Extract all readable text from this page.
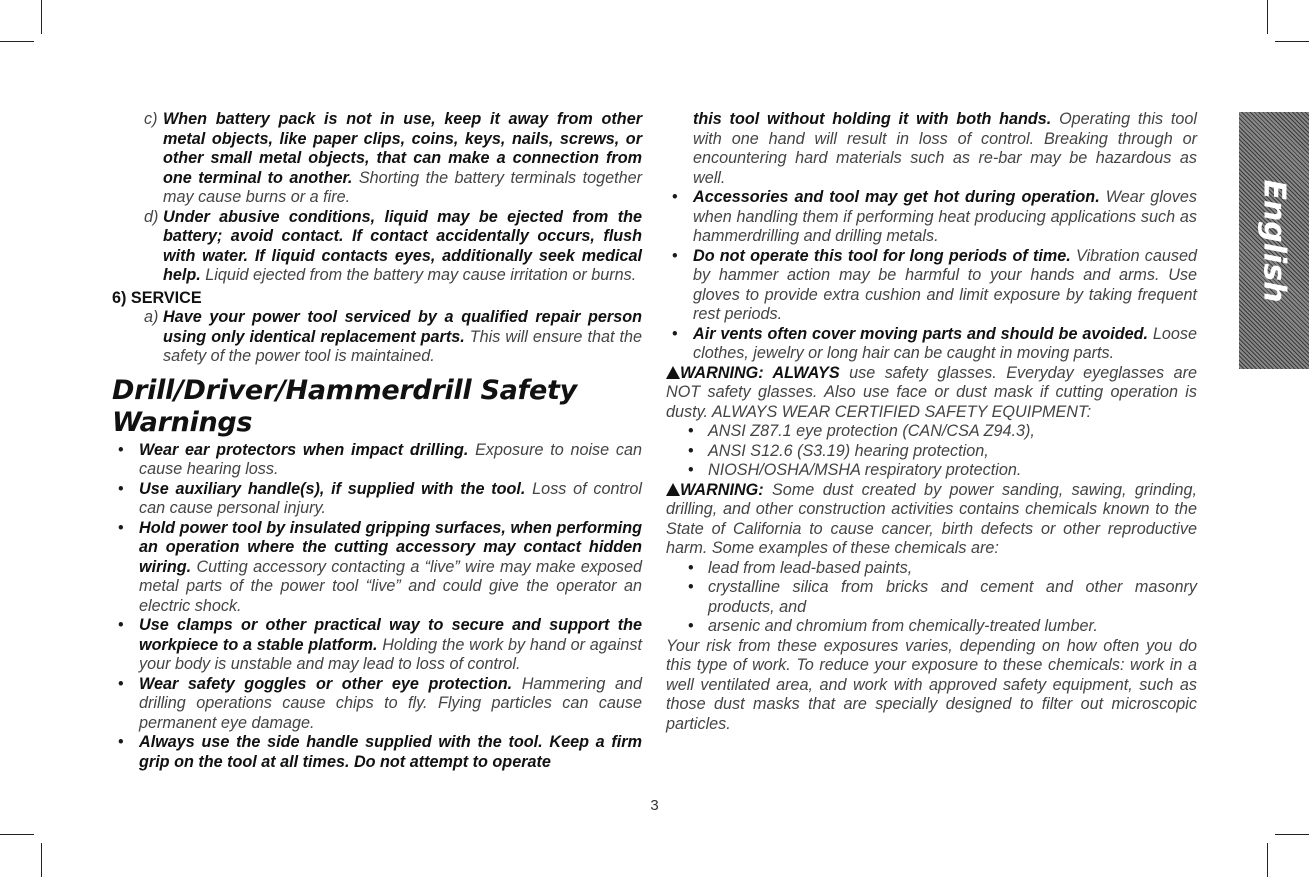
c) When battery pack is not in use, keep it away from other metal objects, like paper clips, coins, keys, nails, screws, or other small metal objects, that can make a connection from one terminal to another. Shorting the battery terminals together may cause burns or a fire.
d) Under abusive conditions, liquid may be ejected from the battery; avoid contact. If contact accidentally occurs, flush with water. If liquid contacts eyes, additionally seek medical help. Liquid ejected from the battery may cause irritation or burns.

6) SERVICE

a) Have your power tool serviced by a qualified repair person using only identical replacement parts. This will ensure that the safety of the power tool is maintained.
Drill/Driver/Hammerdrill Safety Warnings
• Wear ear protectors when impact drilling. Exposure to noise can cause hearing loss.
• Use auxiliary handle(s), if supplied with the tool. Loss of control can cause personal injury.
• Hold power tool by insulated gripping surfaces, when performing an operation where the cutting accessory may contact hidden wiring. Cutting accessory contacting a “live” wire may make exposed metal parts of the power tool “live” and could give the operator an electric shock.
• Use clamps or other practical way to secure and support the workpiece to a stable platform. Holding the work by hand or against your body is unstable and may lead to loss of control.
• Wear safety goggles or other eye protection. Hammering and drilling operations cause chips to fly. Flying particles can cause permanent eye damage.
• Always use the side handle supplied with the tool. Keep a firm grip on the tool at all times. Do not attempt to operate
this tool without holding it with both hands. Operating this tool with one hand will result in loss of control. Breaking through or encountering hard materials such as re-bar may be hazardous as well.
• Accessories and tool may get hot during operation. Wear gloves when handling them if performing heat producing applications such as hammerdrilling and drilling metals.
• Do not operate this tool for long periods of time. Vibration caused by hammer action may be harmful to your hands and arms. Use gloves to provide extra cushion and limit exposure by taking frequent rest periods.
• Air vents often cover moving parts and should be avoided. Loose clothes, jewelry or long hair can be caught in moving parts.

WARNING: ALWAYS use safety glasses. Everyday eyeglasses are NOT safety glasses. Also use face or dust mask if cutting operation is dusty. ALWAYS WEAR CERTIFIED SAFETY EQUIPMENT:

• ANSI Z87.1 eye protection (CAN/CSA Z94.3),
• ANSI S12.6 (S3.19) hearing protection,
• NIOSH/OSHA/MSHA respiratory protection.

WARNING: Some dust created by power sanding, sawing, grinding, drilling, and other construction activities contains chemicals known to the State of California to cause cancer, birth defects or other reproductive harm. Some examples of these chemicals are:

• lead from lead-based paints,
• crystalline silica from bricks and cement and other masonry products, and
• arsenic and chromium from chemically-treated lumber.

Your risk from these exposures varies, depending on how often you do this type of work. To reduce your exposure to these chemicals: work in a well ventilated area, and work with approved safety equipment, such as those dust masks that are specially designed to filter out microscopic particles.

English
3
